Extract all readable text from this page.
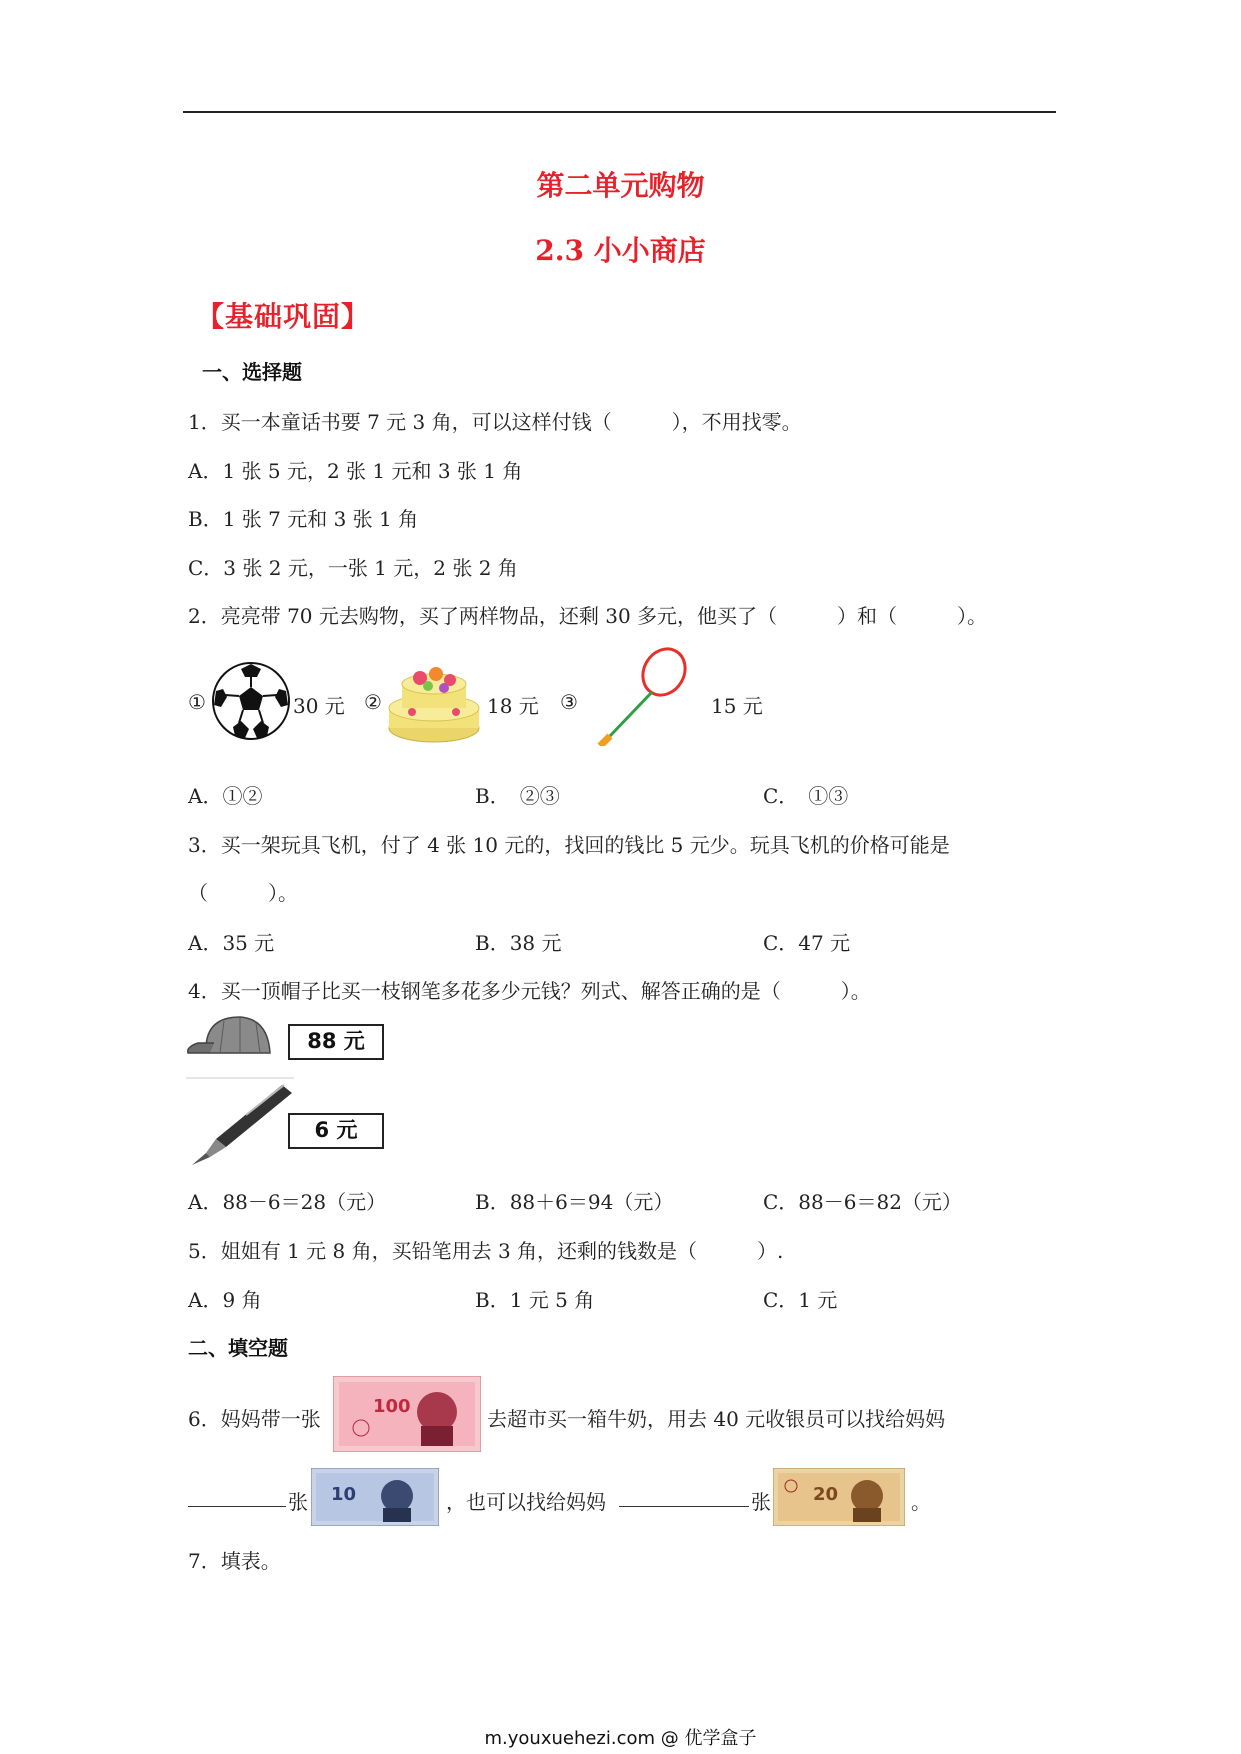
第二单元购物
2.3 小小商店
【基础巩固】
一、选择题
1．买一本童话书要 7 元 3 角，可以这样付钱（　　　），不用找零。
A．1 张 5 元，2 张 1 元和 3 张 1 角
B．1 张 7 元和 3 张 1 角
C．3 张 2 元，一张 1 元，2 张 2 角
2．亮亮带 70 元去购物，买了两样物品，还剩 30 多元，他买了（　　　）和（　　　）。
①	30 元 ②	18 元 ③	15 元
A．①②	B．　②③	C．　①③
3．买一架玩具飞机，付了 4 张 10 元的，找回的钱比 5 元少。玩具飞机的价格可能是
（　　　）。
A．35 元	B．38 元	C．47 元
4．买一顶帽子比买一枝钢笔多花多少元钱？列式、解答正确的是（　　　）。
88 元
6 元
A．88－6＝28（元）	B．88＋6＝94（元）	C．88－6＝82（元）
5．姐姐有 1 元 8 角，买铅笔用去 3 角，还剩的钱数是（　　　）.
A．9 角	B．1 元 5 角	C．1 元
二、填空题
6．妈妈带一张
100
去超市买一箱牛奶，用去 40 元收银员可以找给妈妈
张 10	，也可以找给妈妈	张 20	。
7．填表。
m.youxuehezi.com @ 优学盒子
